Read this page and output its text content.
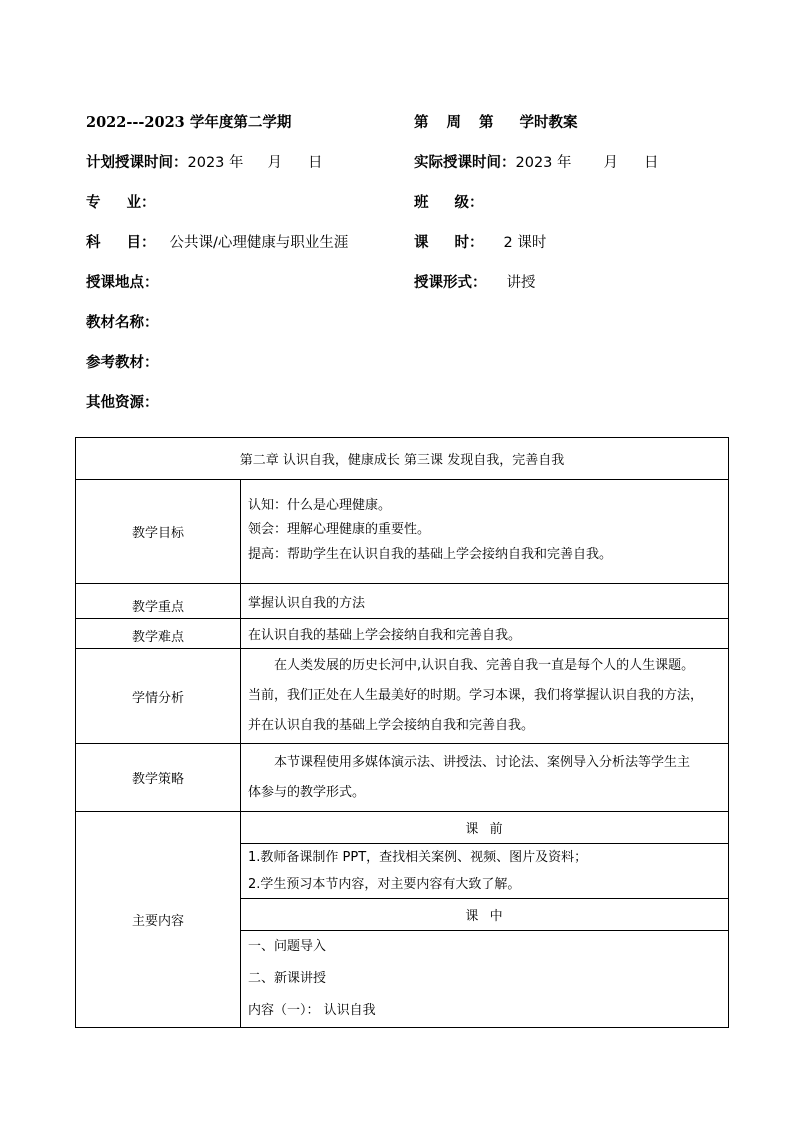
2022---2023 学年度第二学期	第 周 第 学时教案
计划授课时间：2023 年 月 日	实际授课时间：2023 年 月 日
专 业：	班 级：
科 目： 公共课/心理健康与职业生涯	课 时： 2 课时
授课地点：	授课形式： 讲授
教材名称：
参考教材：
其他资源：
第二章 认识自我，健康成长 第三课 发现自我，完善自我	
教学目标	认知：什么是心理健康。
领会：理解心理健康的重要性。
提高：帮助学生在认识自我的基础上学会接纳自我和完善自我。

教学重点	掌握认识自我的方法
教学难点	在认识自我的基础上学会接纳自我和完善自我。
学情分析	在人类发展的历史长河中,认识自我、完善自我一直是每个人的人生课题。
当前，我们正处在人生最美好的时期。学习本课，我们将掌握认识自我的方法，
并在认识自我的基础上学会接纳自我和完善自我。

教学策略	本节课程使用多媒体演示法、讲授法、讨论法、案例导入分析法等学生主
体参与的教学形式。

主要内容	课  前

	1.教师备课制作 PPT，查找相关案例、视频、图片及资料；
2.学生预习本节内容，对主要内容有大致了解。

	课  中

	一、问题导入
二、新课讲授
内容（一）： 认识自我
